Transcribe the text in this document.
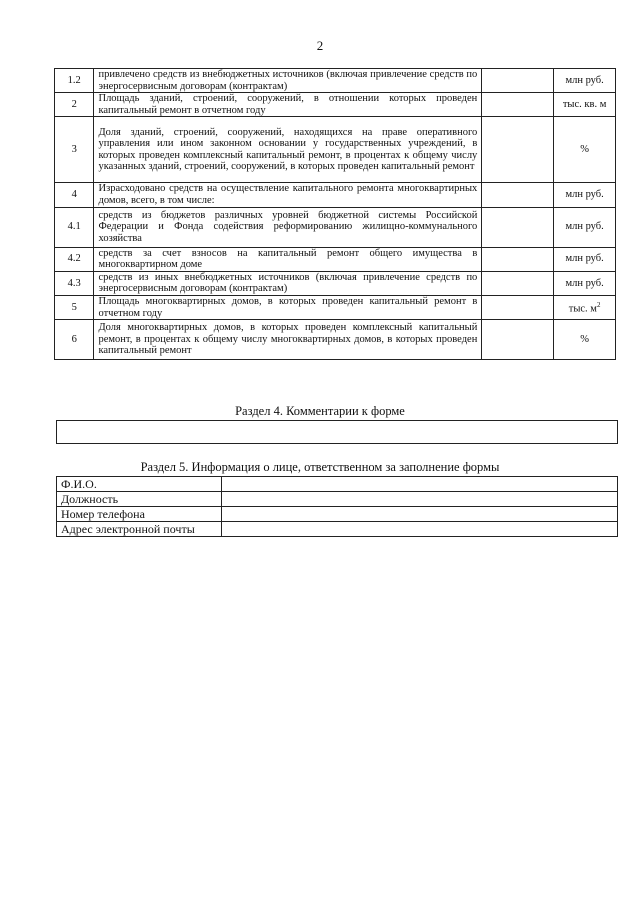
2
1.2	привлечено средств из внебюджетных источников (включая привлечение средств по энергосервисным договорам (контрактам)		млн руб.
2	Площадь зданий, строений, сооружений, в отношении которых проведен капитальный ремонт в отчетном году		тыс. кв. м
3	Доля зданий, строений, сооружений, находящихся на праве оперативного управления или ином законном основании у государственных учреждений, в которых проведен комплексный капитальный ремонт, в процентах к общему числу указанных зданий, строений, сооружений, в которых проведен капитальный ремонт		%
4	Израсходовано средств на осуществление капитального ремонта многоквартирных домов, всего, в том числе:		млн руб.
4.1	средств из бюджетов различных уровней бюджетной системы Российской Федерации и Фонда содействия реформированию жилищно-коммунального хозяйства		млн руб.
4.2	средств за счет взносов на капитальный ремонт общего имущества в многоквартирном доме		млн руб.
4.3	средств из иных внебюджетных источников (включая привлечение средств по энергосервисным договорам (контрактам)		млн руб.
5	Площадь многоквартирных домов, в которых проведен капитальный ремонт в отчетном году		тыс. $м^2$
6	Доля многоквартирных домов, в которых проведен комплексный капитальный ремонт, в процентах к общему числу многоквартирных домов, в которых проведен капитальный ремонт		%
Раздел 4. Комментарии к форме
Раздел 5. Информация о лице, ответственном за заполнение формы
Ф.И.О.	
Должность	
Номер телефона	
Адрес электронной почты	
